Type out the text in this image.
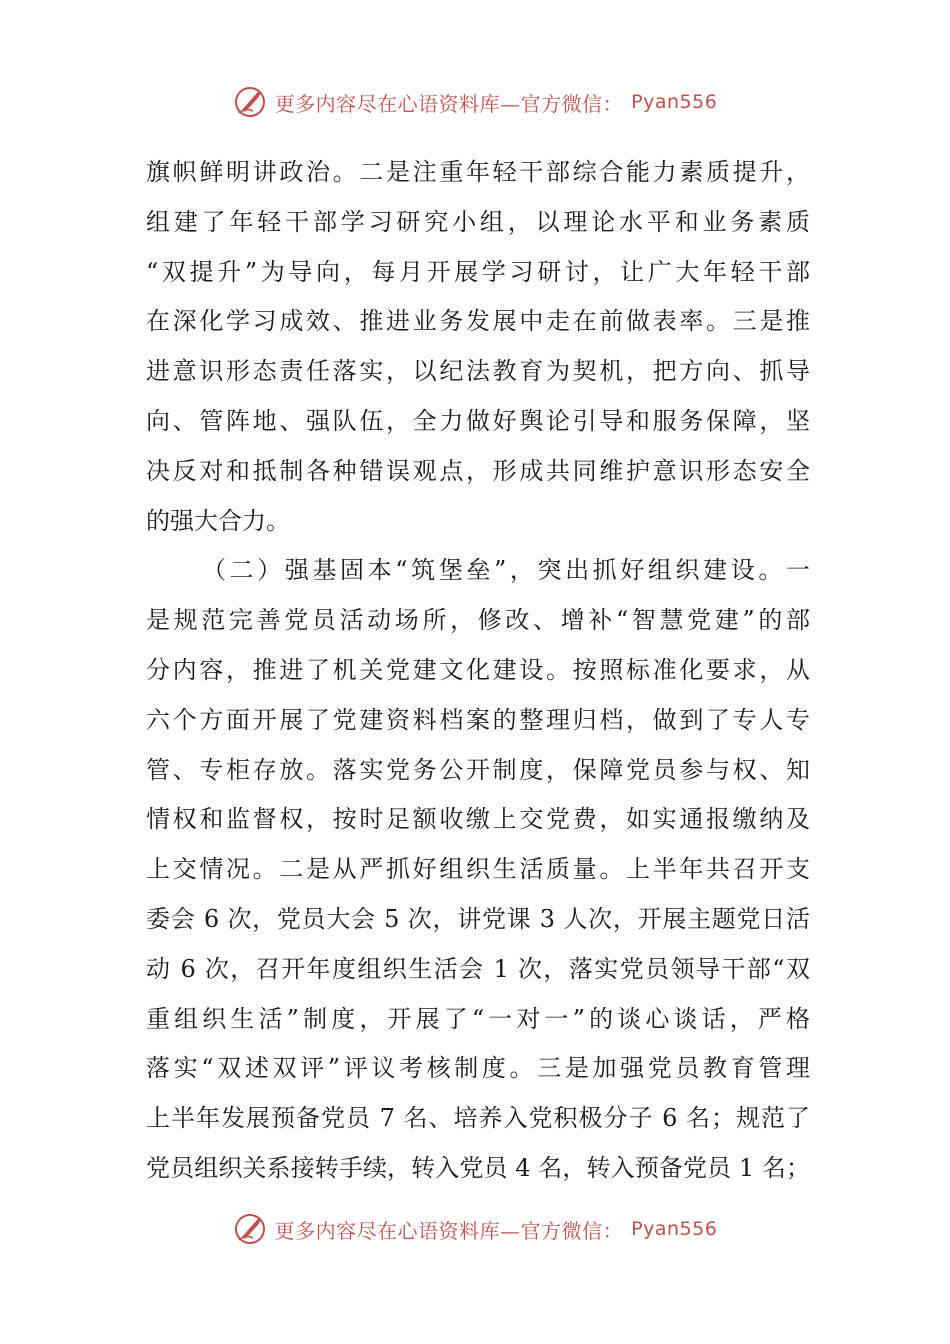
更多内容尽在心语资料库—官方微信： Pyan556
旗帜鲜明讲政治。二是注重年轻干部综合能力素质提升，
组建了年轻干部学习研究小组，以理论水平和业务素质
“双提升”为导向，每月开展学习研讨，让广大年轻干部
在深化学习成效、推进业务发展中走在前做表率。三是推
进意识形态责任落实，以纪法教育为契机，把方向、抓导
向、管阵地、强队伍，全力做好舆论引导和服务保障，坚
决反对和抵制各种错误观点，形成共同维护意识形态安全
的强大合力。
（二）强基固本“筑堡垒”，突出抓好组织建设。一
是规范完善党员活动场所，修改、增补“智慧党建”的部
分内容，推进了机关党建文化建设。按照标准化要求，从
六个方面开展了党建资料档案的整理归档，做到了专人专
管、专柜存放。落实党务公开制度，保障党员参与权、知
情权和监督权，按时足额收缴上交党费，如实通报缴纳及
上交情况。二是从严抓好组织生活质量。上半年共召开支
委会 6 次，党员大会 5 次，讲党课 3 人次，开展主题党日活
动 6 次，召开年度组织生活会 1 次，落实党员领导干部“双
重组织生活”制度，开展了“一对一”的谈心谈话，严格
落实“双述双评”评议考核制度。三是加强党员教育管理
上半年发展预备党员 7 名、培养入党积极分子 6 名；规范了
党员组织关系接转手续，转入党员 4 名，转入预备党员 1 名；
更多内容尽在心语资料库—官方微信： Pyan556
